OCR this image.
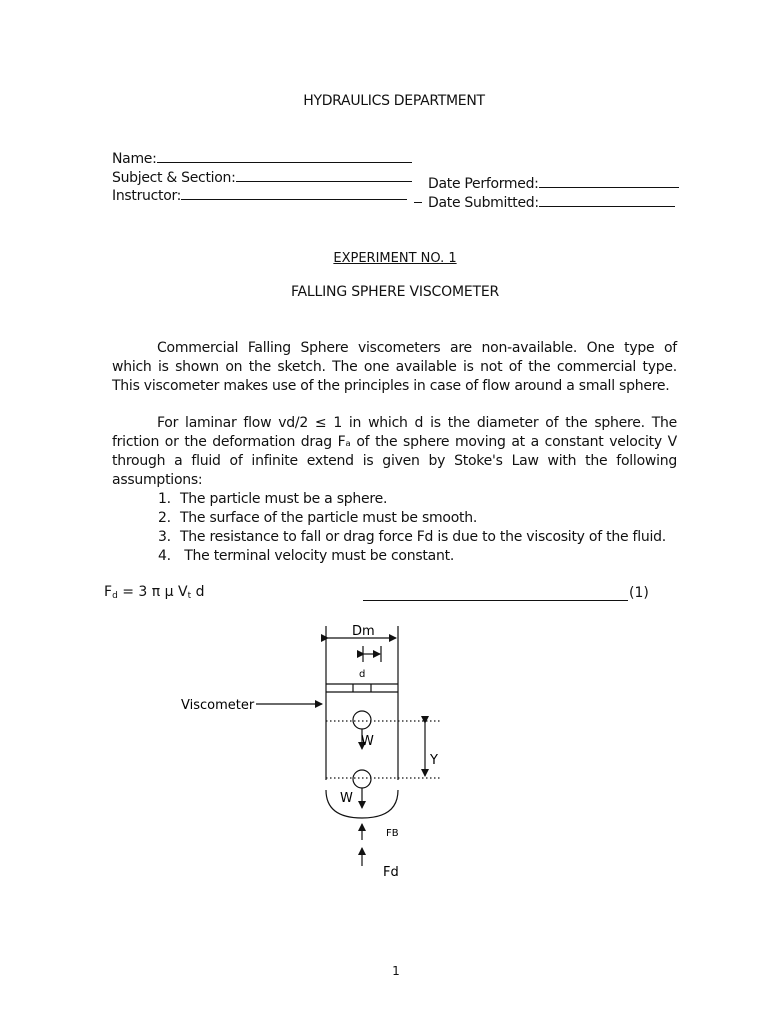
HYDRAULICS DEPARTMENT
Name:
Subject & Section:
Instructor:
Date Performed:
Date Submitted:
EXPERIMENT NO. 1
FALLING SPHERE VISCOMETER

Commercial Falling Sphere viscometers are non-available. One type of which is shown on the sketch. The one available is not of the commercial type. This viscometer makes use of the principles in case of flow around a small sphere.

For laminar flow vd/2 ≤ 1 in which d is the diameter of the sphere. The friction or the deformation drag Fₐ of the sphere moving at a constant velocity V through a fluid of infinite extend is given by Stoke's Law with the following assumptions:

1. The particle must be a sphere.
2. The surface of the particle must be smooth.
3. The resistance to fall or drag force Fd is due to the viscosity of the fluid.
4. The terminal velocity must be constant.
$F_d = 3$ π μ $V_t$ d	(1)
Dm
d
Viscometer
W
W
Y
FB
Fd
1
